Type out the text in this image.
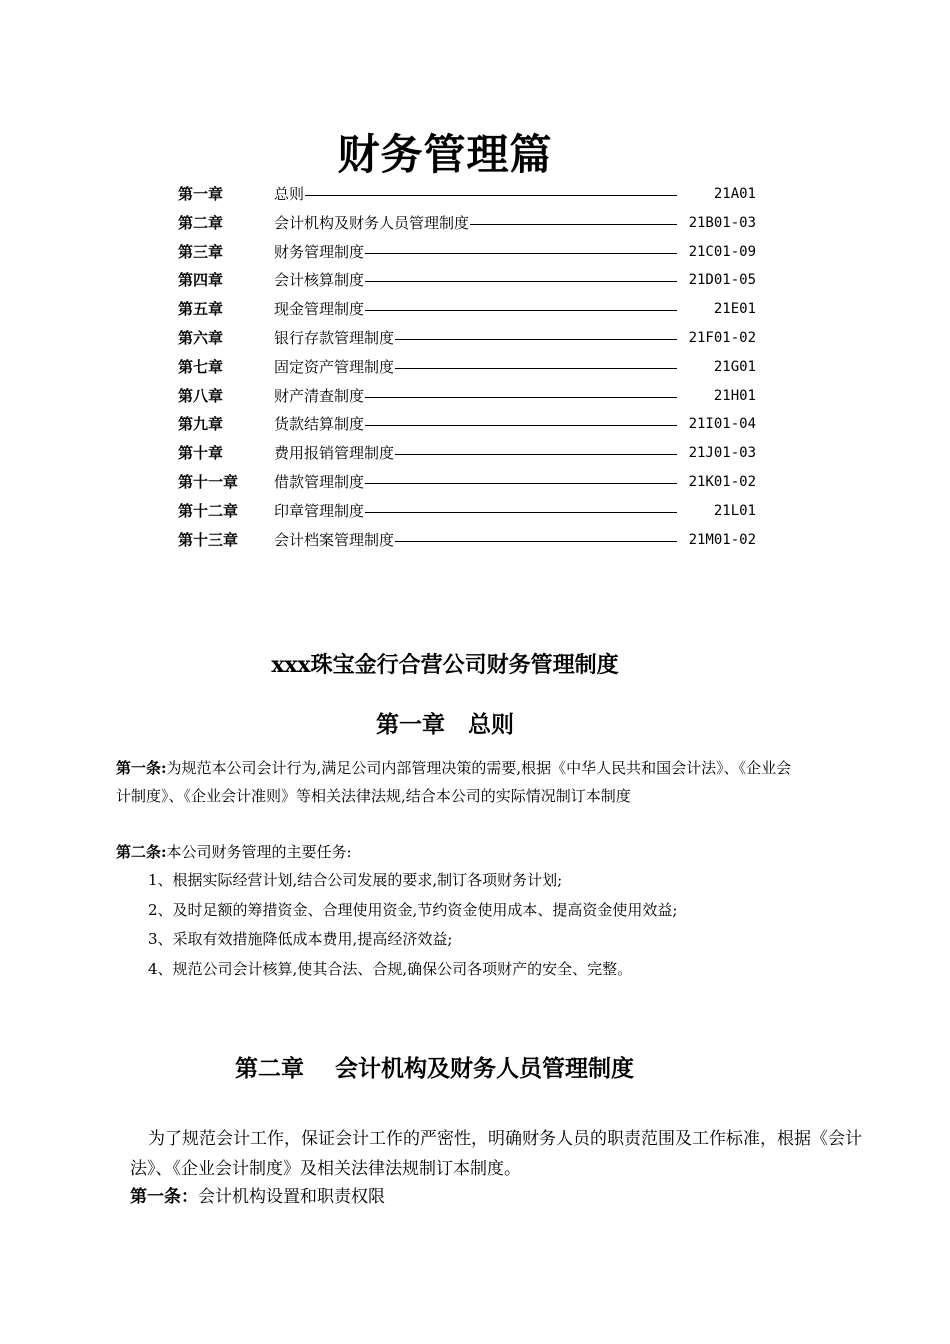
财务管理篇
第一章	总则	21A01
第二章	会计机构及财务人员管理制度	21B01-03
第三章	财务管理制度	21C01-09
第四章	会计核算制度	21D01-05
第五章	现金管理制度	21E01
第六章	银行存款管理制度	21F01-02
第七章	固定资产管理制度	21G01
第八章	财产清查制度	21H01
第九章	货款结算制度	21I01-04
第十章	费用报销管理制度	21J01-03
第十一章 借款管理制度	21K01-02
第十二章 印章管理制度	21L01
第十三章 会计档案管理制度	21M01-02
xxx珠宝金行合营公司财务管理制度
第一章　总则
第一条:为规范本公司会计行为,满足公司内部管理决策的需要,根据《中华人民共和国会计法》、《企业会计制度》、《企业会计准则》等相关法律法规,结合本公司的实际情况制订本制度
第二条:本公司财务管理的主要任务:
1、根据实际经营计划,结合公司发展的要求,制订各项财务计划;
2、及时足额的筹措资金、合理使用资金,节约资金使用成本、提高资金使用效益;
3、采取有效措施降低成本费用,提高经济效益;
4、规范公司会计核算,使其合法、合规,确保公司各项财产的安全、完整。
第二章　 会计机构及财务人员管理制度
为了规范会计工作，保证会计工作的严密性，明确财务人员的职责范围及工作标准，根据《会计法》、《企业会计制度》及相关法律法规制订本制度。
第一条：会计机构设置和职责权限
